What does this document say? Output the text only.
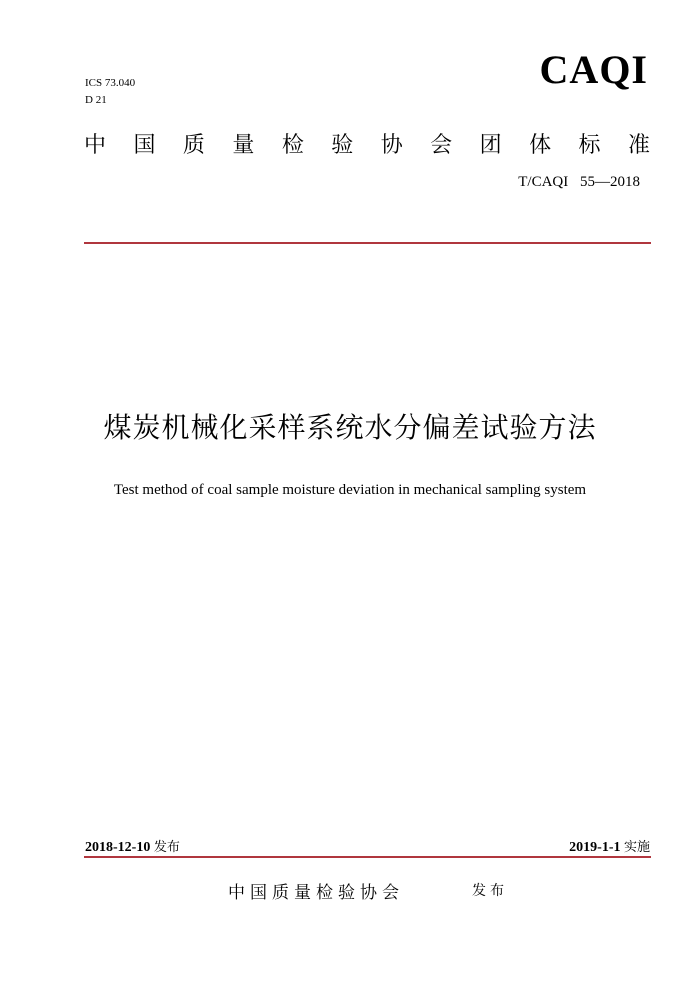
ICS 73.040
D 21
CAQI
中 国 质 量 检 验 协 会 团 体 标 准
T/CAQI 55—2018
煤炭机械化采样系统水分偏差试验方法
Test method of coal sample moisture deviation in mechanical sampling system
2018-12-10 发布	2019-1-1 实施
中国质量检验协会	发布
